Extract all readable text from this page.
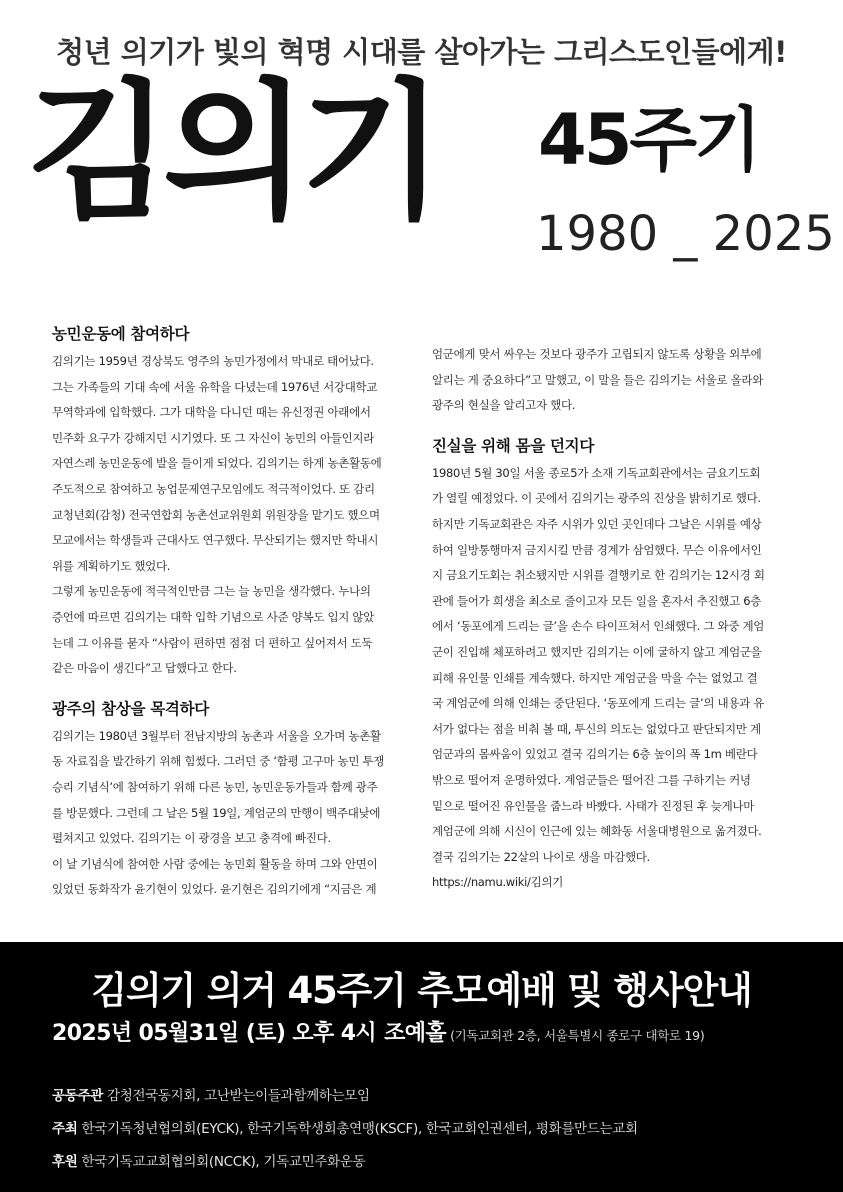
청년 의기가 빛의 혁명 시대를 살아가는 그리스도인들에게!
김의기 45주기
1980 _ 2025
농민운동에 참여하다

김의기는 1959년 경상북도 영주의 농민가정에서 막내로 태어났다.

그는 가족들의 기대 속에 서울 유학을 다녔는데 1976년 서강대학교

무역학과에 입학했다. 그가 대학을 다니던 때는 유신정권 아래에서

민주화 요구가 강해지던 시기였다. 또 그 자신이 농민의 아들인지라

자연스레 농민운동에 발을 들이게 되었다. 김의기는 하계 농촌활동에

주도적으로 참여하고 농업문제연구모임에도 적극적이었다. 또 감리

교청년회(감청) 전국연합회 농촌선교위원회 위원장을 맡기도 했으며

모교에서는 학생들과 근대사도 연구했다. 무산되기는 했지만 학내시

위를 계획하기도 했었다.

그렇게 농민운동에 적극적인만큼 그는 늘 농민을 생각했다. 누나의

증언에 따르면 김의기는 대학 입학 기념으로 사준 양복도 입지 않았

는데 그 이유를 묻자 “사람이 편하면 점점 더 편하고 싶어져서 도둑

같은 마음이 생긴다”고 답했다고 한다.

광주의 참상을 목격하다

김의기는 1980년 3월부터 전남지방의 농촌과 서울을 오가며 농촌활

동 자료집을 발간하기 위해 힘썼다. 그러던 중 ‘함평 고구마 농민 투쟁

승리 기념식’에 참여하기 위해 다른 농민, 농민운동가들과 함께 광주

를 방문했다. 그런데 그 날은 5월 19일, 계엄군의 만행이 백주대낮에

펼쳐지고 있었다. 김의기는 이 광경을 보고 충격에 빠진다.

이 날 기념식에 참여한 사람 중에는 농민회 활동을 하며 그와 안면이

있었던 동화작가 윤기현이 있었다. 윤기현은 김의기에게 “지금은 계

엄군에게 맞서 싸우는 것보다 광주가 고립되지 않도록 상황을 외부에

알리는 게 중요하다”고 말했고, 이 말을 들은 김의기는 서울로 올라와

광주의 현실을 알리고자 했다.

진실을 위해 몸을 던지다

1980년 5월 30일 서울 종로5가 소재 기독교회관에서는 금요기도회

가 열릴 예정었다. 이 곳에서 김의기는 광주의 진상을 밝히기로 했다.

하지만 기독교회관은 자주 시위가 있던 곳인데다 그날은 시위를 예상

하여 일방통행마저 금지시킬 만큼 경계가 삼엄했다. 무슨 이유에서인

지 금요기도회는 취소됐지만 시위를 결행키로 한 김의기는 12시경 회

관에 들어가 희생을 최소로 줄이고자 모든 일을 혼자서 추진했고 6층

에서 ‘동포에게 드리는 글’을 손수 타이프쳐서 인쇄했다. 그 와중 계엄

군이 진입해 체포하려고 했지만 김의기는 이에 굴하지 않고 계엄군을

피해 유인물 인쇄를 계속했다. 하지만 계엄군을 막을 수는 없었고 결

국 계엄군에 의해 인쇄는 중단된다. ‘동포에게 드리는 글’의 내용과 유

서가 없다는 점을 비춰 볼 때, 투신의 의도는 없었다고 판단되지만 계

엄군과의 몸싸움이 있었고 결국 김의기는 6층 높이의 폭 1m 베란다

밖으로 떨어져 운명하였다. 계엄군들은 떨어진 그를 구하기는 커녕

밑으로 떨어진 유인물을 줍느라 바빴다. 사태가 진정된 후 늦게나마

계엄군에 의해 시신이 인근에 있는 혜화동 서울대병원으로 옮겨졌다.

결국 김의기는 22살의 나이로 생을 마감했다.

https://namu.wiki/김의기

김의기 의거 45주기 추모예배 및 행사안내
2025년 05월31일 (토) 오후 4시 조예홀 (기독교회관 2층, 서울특별시 종로구 대학로 19)
공동주관 감청전국동지회, 고난받는이들과함께하는모임
주최 한국기독청년협의회(EYCK), 한국기독학생회총연맹(KSCF), 한국교회인권센터, 평화를만드는교회
후원 한국기독교교회협의회(NCCK), 기독교민주화운동
